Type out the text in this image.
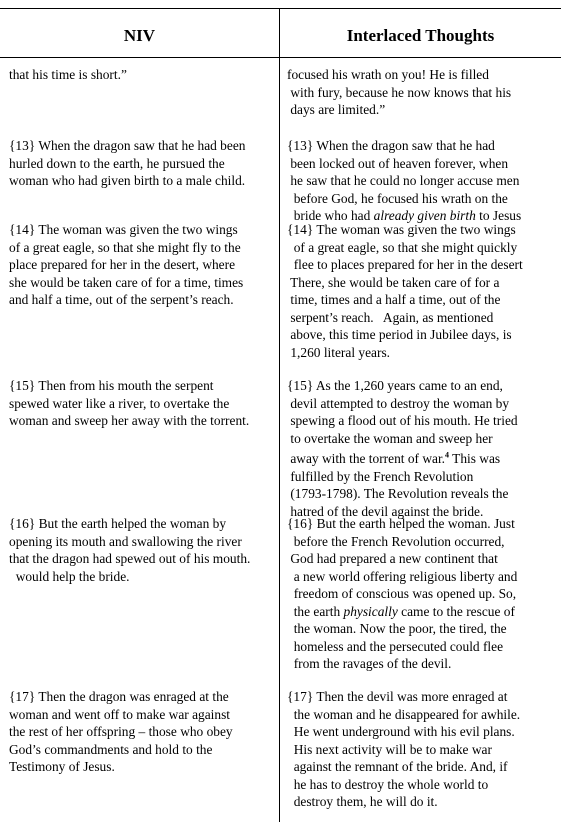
NIV	Interlaced Thoughts
that his time is short.”
{13} When the dragon saw that he had been
hurled down to the earth, he pursued the
woman who had given birth to a male child.
{14} The woman was given the two wings
of a great eagle, so that she might fly to the
place prepared for her in the desert, where
she would be taken care of for a time, times
and half a time, out of the serpent’s reach.
{15} Then from his mouth the serpent
spewed water like a river, to overtake the
woman and sweep her away with the torrent.
{16} But the earth helped the woman by
opening its mouth and swallowing the river
that the dragon had spewed out of his mouth.
would help the bride.
{17} Then the dragon was enraged at the
woman and went off to make war against
the rest of her offspring – those who obey
God’s commandments and hold to the
Testimony of Jesus.
focused his wrath on you! He is filled
with fury, because he now knows that his
days are limited.”
{13} When the dragon saw that he had
been locked out of heaven forever, when
he saw that he could no longer accuse men
before God, he focused his wrath on the
bride who had already given birth to Jesus
{14} The woman was given the two wings
of a great eagle, so that she might quickly
flee to places prepared for her in the desert
There, she would be taken care of for a
time, times and a half a time, out of the
serpent’s reach.   Again, as mentioned
above, this time period in Jubilee days, is
1,260 literal years.
{15} As the 1,260 years came to an end,
devil attempted to destroy the woman by
spewing a flood out of his mouth. He tried
to overtake the woman and sweep her
away with the torrent of war.$^4$ This was
fulfilled by the French Revolution
(1793-1798). The Revolution reveals the
hatred of the devil against the bride.
{16} But the earth helped the woman. Just
before the French Revolution occurred,
God had prepared a new continent that
a new world offering religious liberty and
freedom of conscious was opened up. So,
the earth physically came to the rescue of
the woman. Now the poor, the tired, the
homeless and the persecuted could flee
from the ravages of the devil.
{17} Then the devil was more enraged at
the woman and he disappeared for awhile.
He went underground with his evil plans.
His next activity will be to make war
against the remnant of the bride. And, if
he has to destroy the whole world to
destroy them, he will do it.
